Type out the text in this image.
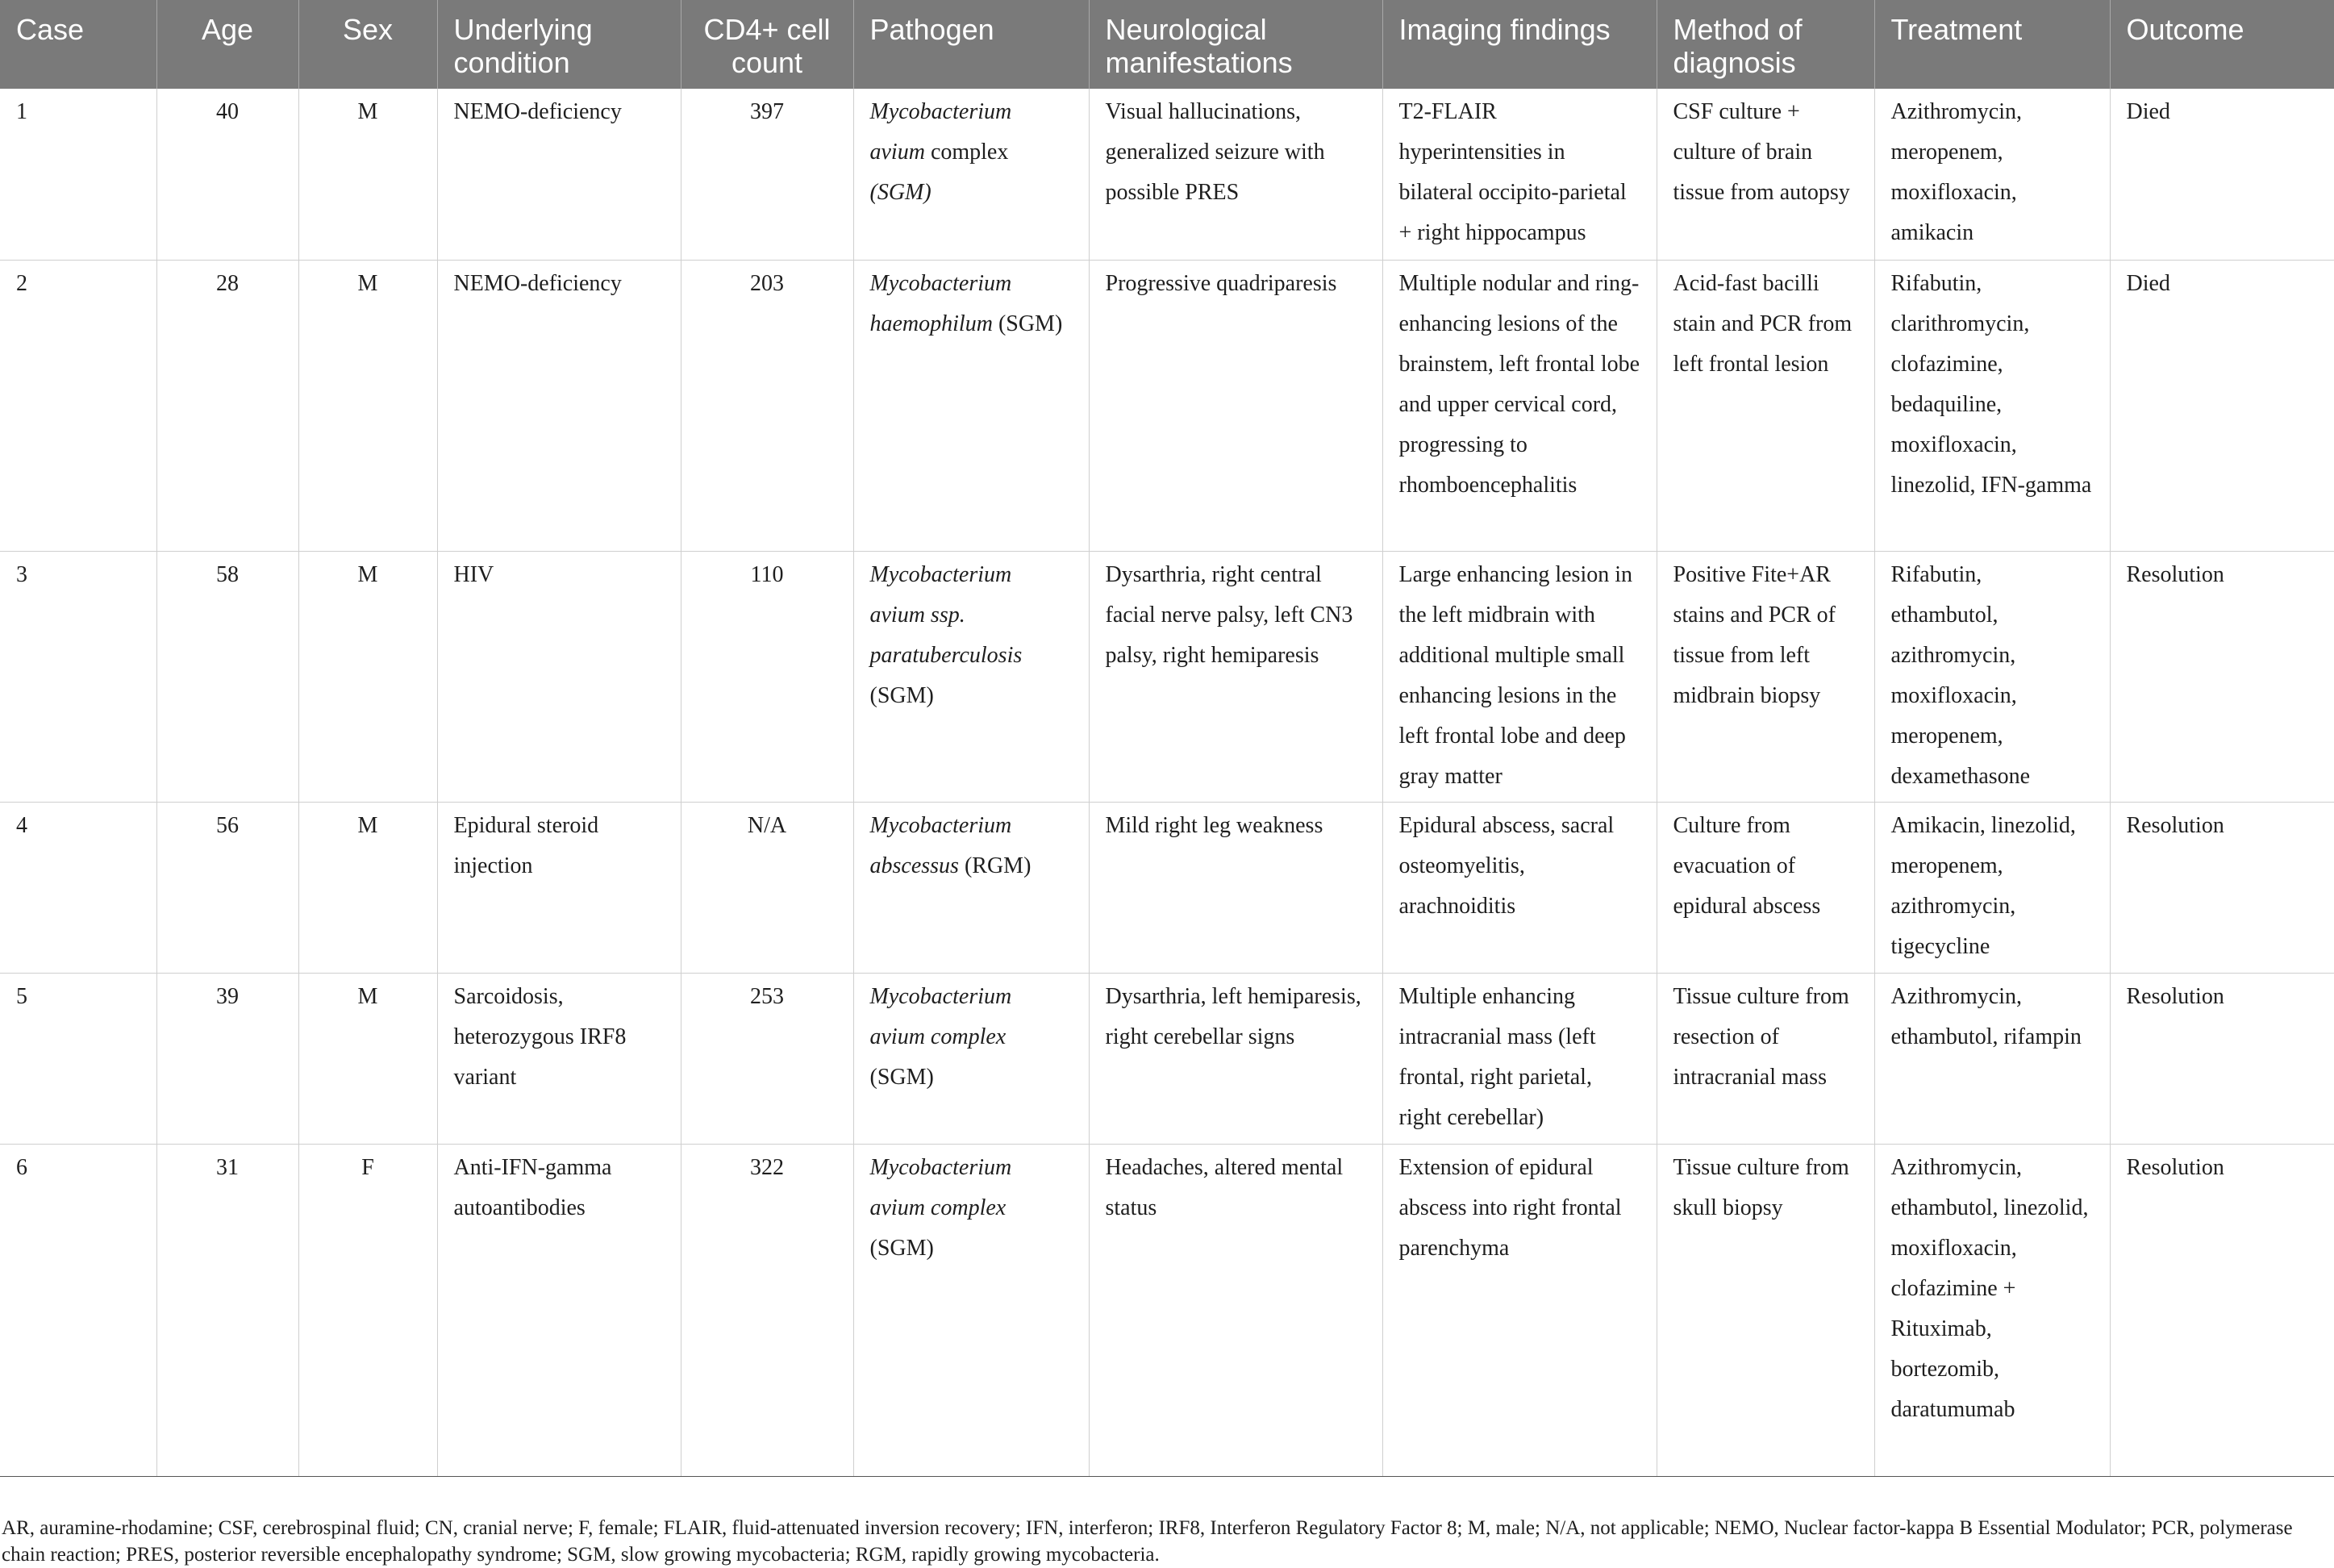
Case	Age	Sex	Underlying condition	CD4+ cell count	Pathogen	Neurological manifestations	Imaging findings	Method of diagnosis	Treatment	Outcome
1	40	M	NEMO-deficiency	397	Mycobacterium avium complex (SGM)	Visual hallucinations, generalized seizure with possible PRES	T2-FLAIR hyperintensities in bilateral occipito-parietal + right hippocampus	CSF culture + culture of brain tissue from autopsy	Azithromycin, meropenem, moxifloxacin, amikacin	Died
2	28	M	NEMO-deficiency	203	Mycobacterium haemophilum (SGM)	Progressive quadriparesis	Multiple nodular and ring-enhancing lesions of the brainstem, left frontal lobe and upper cervical cord, progressing to rhomboencephalitis	Acid-fast bacilli stain and PCR from left frontal lesion	Rifabutin, clarithromycin, clofazimine, bedaquiline, moxifloxacin, linezolid, IFN-gamma	Died
3	58	M	HIV	110	Mycobacterium avium ssp. paratuberculosis (SGM)	Dysarthria, right central facial nerve palsy, left CN3 palsy, right hemiparesis	Large enhancing lesion in the left midbrain with additional multiple small enhancing lesions in the left frontal lobe and deep gray matter	Positive Fite+AR stains and PCR of tissue from left midbrain biopsy	Rifabutin, ethambutol, azithromycin, moxifloxacin, meropenem, dexamethasone	Resolution
4	56	M	Epidural steroid injection	N/A	Mycobacterium abscessus (RGM)	Mild right leg weakness	Epidural abscess, sacral osteomyelitis, arachnoiditis	Culture from evacuation of epidural abscess	Amikacin, linezolid, meropenem, azithromycin, tigecycline	Resolution
5	39	M	Sarcoidosis, heterozygous IRF8 variant	253	Mycobacterium avium complex (SGM)	Dysarthria, left hemiparesis, right cerebellar signs	Multiple enhancing intracranial mass (left frontal, right parietal, right cerebellar)	Tissue culture from resection of intracranial mass	Azithromycin, ethambutol, rifampin	Resolution
6	31	F	Anti-IFN-gamma autoantibodies	322	Mycobacterium avium complex (SGM)	Headaches, altered mental status	Extension of epidural abscess into right frontal parenchyma	Tissue culture from skull biopsy	Azithromycin, ethambutol, linezolid, moxifloxacin, clofazimine + Rituximab, bortezomib, daratumumab	Resolution
AR, auramine-rhodamine; CSF, cerebrospinal fluid; CN, cranial nerve; F, female; FLAIR, fluid-attenuated inversion recovery; IFN, interferon; IRF8, Interferon Regulatory Factor 8; M, male; N/A, not applicable; NEMO, Nuclear factor-kappa B Essential Modulator; PCR, polymerase chain reaction; PRES, posterior reversible encephalopathy syndrome; SGM, slow growing mycobacteria; RGM, rapidly growing mycobacteria.
